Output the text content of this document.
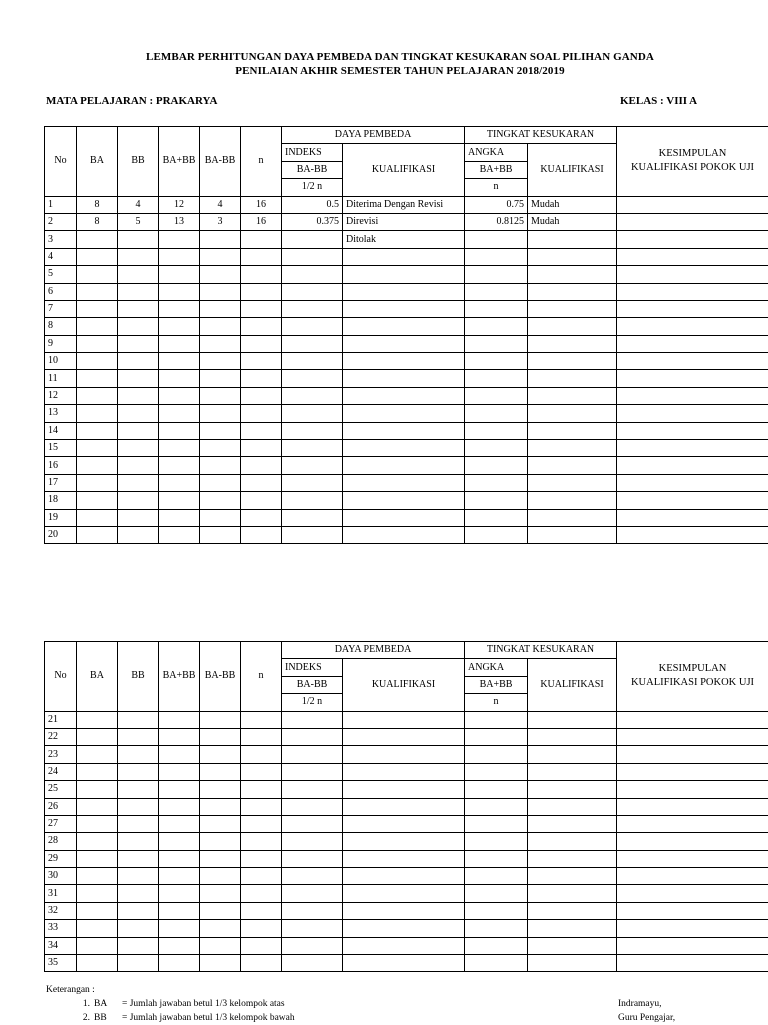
LEMBAR PERHITUNGAN DAYA PEMBEDA DAN TINGKAT KESUKARAN SOAL PILIHAN GANDA
PENILAIAN AKHIR SEMESTER TAHUN PELAJARAN 2018/2019
MATA PELAJARAN : PRAKARYA	KELAS : VIII A
No	BA	BB	BA+BB	BA-BB	n	DAYA PEMBEDA		TINGKAT KESUKARAN		KESIMPULAN
KUALIFIKASI POKOK UJI

						INDEKS	KUALIFIKASI	ANGKA	KUALIFIKASI	
						BA-BB		BA+BB		
						1/2 n		n		
1	8	4	12	4	16	0.5	Diterima Dengan Revisi	0.75	Mudah	
2	8	5	13	3	16	0.375	Direvisi	0.8125	Mudah	
3							Ditolak			
4										
5										
6										
7										
8										
9										
10										
11										
12										
13										
14										
15										
16										
17										
18										
19										
20										
No	BA	BB	BA+BB	BA-BB	n	DAYA PEMBEDA		TINGKAT KESUKARAN		KESIMPULAN
KUALIFIKASI POKOK UJI

						INDEKS	KUALIFIKASI	ANGKA	KUALIFIKASI	
						BA-BB		BA+BB		
						1/2 n		n		
21										
22										
23										
24										
25										
26										
27										
28										
29										
30										
31										
32										
33										
34										
35										
Keterangan :
1. BA = Jumlah jawaban betul 1/3 kelompok atas
2. BB = Jumlah jawaban betul 1/3 kelompok bawah
Indramayu,
Guru Pengajar,
